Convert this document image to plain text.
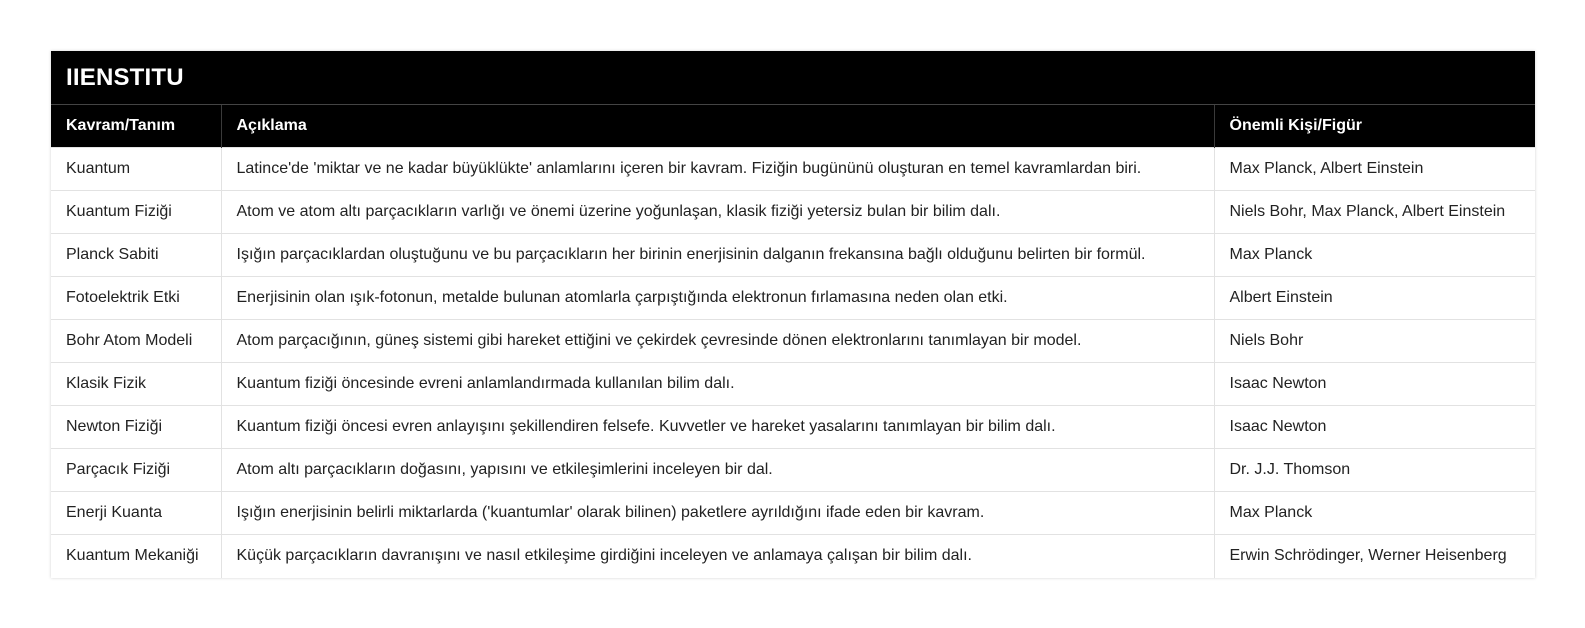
IIENSTITU
Kavram/Tanım	Açıklama	Önemli Kişi/Figür
Kuantum	Latince'de 'miktar ve ne kadar büyüklükte' anlamlarını içeren bir kavram. Fiziğin bugününü oluşturan en temel kavramlardan biri.	Max Planck, Albert Einstein
Kuantum Fiziği	Atom ve atom altı parçacıkların varlığı ve önemi üzerine yoğunlaşan, klasik fiziği yetersiz bulan bir bilim dalı.	Niels Bohr, Max Planck, Albert Einstein
Planck Sabiti	Işığın parçacıklardan oluştuğunu ve bu parçacıkların her birinin enerjisinin dalganın frekansına bağlı olduğunu belirten bir formül.	Max Planck
Fotoelektrik Etki	Enerjisinin olan ışık-fotonun, metalde bulunan atomlarla çarpıştığında elektronun fırlamasına neden olan etki.	Albert Einstein
Bohr Atom Modeli	Atom parçacığının, güneş sistemi gibi hareket ettiğini ve çekirdek çevresinde dönen elektronlarını tanımlayan bir model.	Niels Bohr
Klasik Fizik	Kuantum fiziği öncesinde evreni anlamlandırmada kullanılan bilim dalı.	Isaac Newton
Newton Fiziği	Kuantum fiziği öncesi evren anlayışını şekillendiren felsefe. Kuvvetler ve hareket yasalarını tanımlayan bir bilim dalı.	Isaac Newton
Parçacık Fiziği	Atom altı parçacıkların doğasını, yapısını ve etkileşimlerini inceleyen bir dal.	Dr. J.J. Thomson
Enerji Kuanta	Işığın enerjisinin belirli miktarlarda ('kuantumlar' olarak bilinen) paketlere ayrıldığını ifade eden bir kavram.	Max Planck
Kuantum Mekaniği	Küçük parçacıkların davranışını ve nasıl etkileşime girdiğini inceleyen ve anlamaya çalışan bir bilim dalı.	Erwin Schrödinger, Werner Heisenberg
